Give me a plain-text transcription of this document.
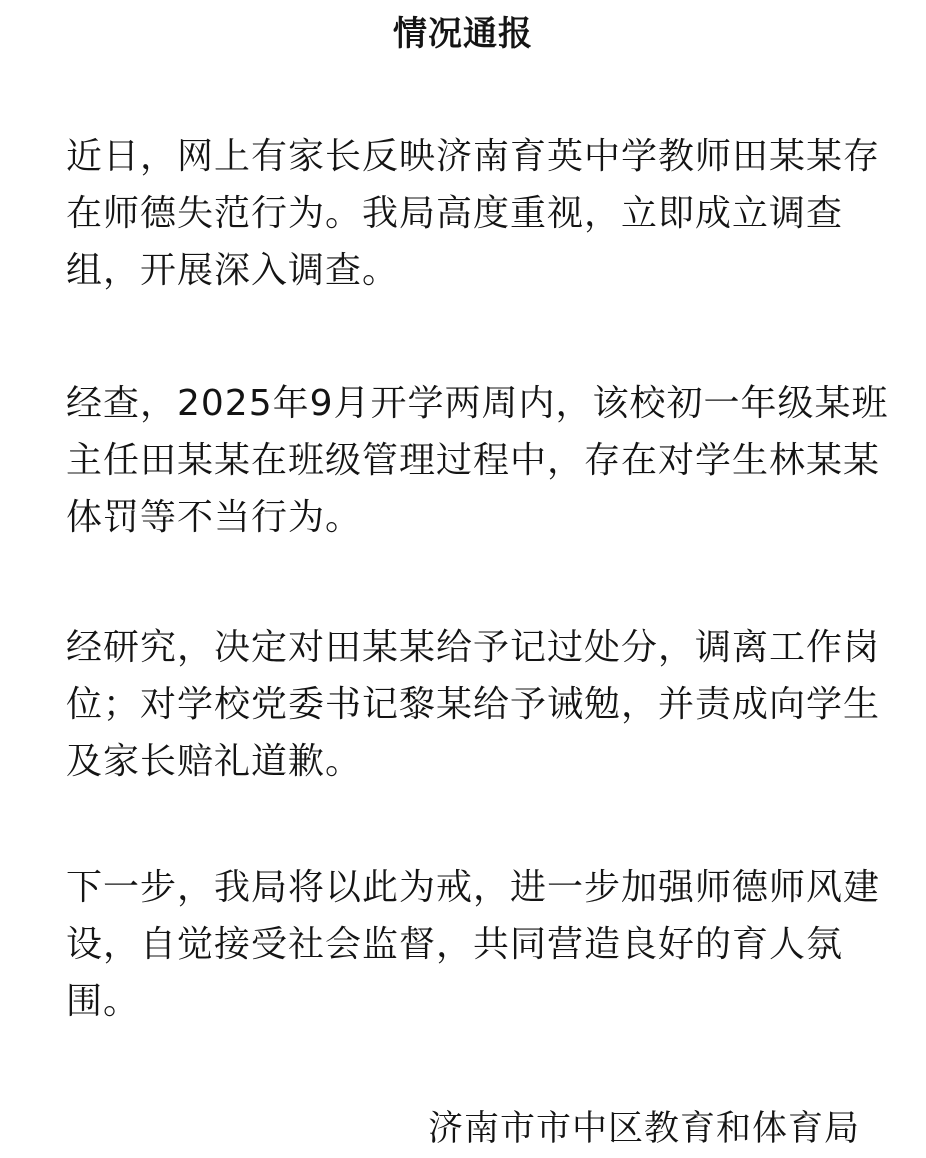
情况通报

近日，网上有家长反映济南育英中学教师田某某存
在师德失范行为。我局高度重视，立即成立调查
组，开展深入调查。

经查，2025年9月开学两周内，该校初一年级某班
主任田某某在班级管理过程中，存在对学生林某某
体罚等不当行为。

经研究，决定对田某某给予记过处分，调离工作岗
位；对学校党委书记黎某给予诫勉，并责成向学生
及家长赔礼道歉。

下一步，我局将以此为戒，进一步加强师德师风建
设，自觉接受社会监督，共同营造良好的育人氛
围。

济南市市中区教育和体育局
